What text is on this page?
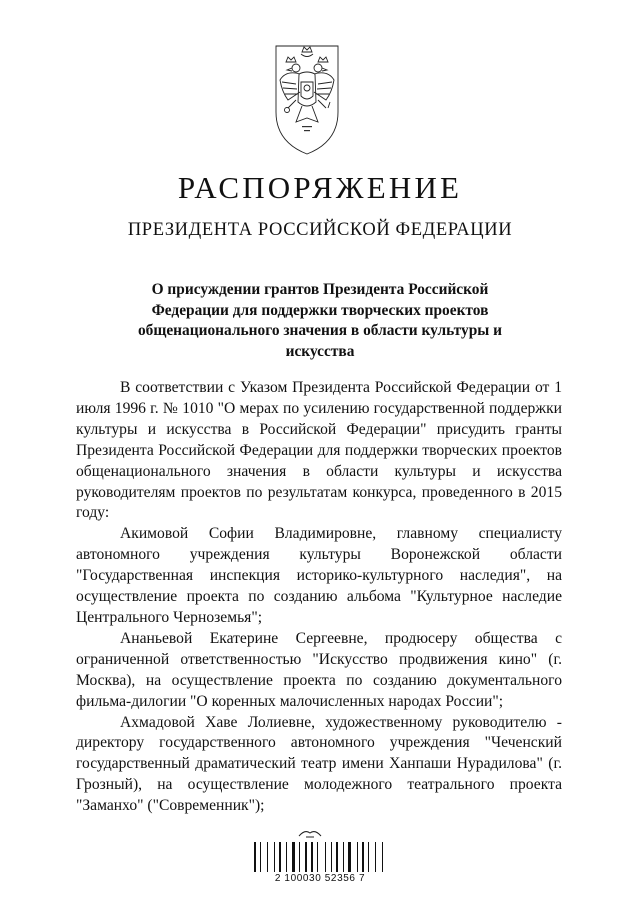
РАСПОРЯЖЕНИЕ
ПРЕЗИДЕНТА РОССИЙСКОЙ ФЕДЕРАЦИИ
О присуждении грантов Президента Российской Федерации для поддержки творческих проектов общенационального значения в области культуры и искусства

В соответствии с Указом Президента Российской Федерации от 1 июля 1996 г. № 1010 "О мерах по усилению государственной поддержки культуры и искусства в Российской Федерации" присудить гранты Президента Российской Федерации для поддержки творческих проектов общенационального значения в области культуры и искусства руководителям проектов по результатам конкурса, проведенного в 2015 году:

Акимовой Софии Владимировне, главному специалисту автономного учреждения культуры Воронежской области "Государственная инспекция историко-культурного наследия", на осуществление проекта по созданию альбома "Культурное наследие Центрального Черноземья";

Ананьевой Екатерине Сергеевне, продюсеру общества с ограниченной ответственностью "Искусство продвижения кино" (г. Москва), на осуществление проекта по созданию документального фильма-дилогии "О коренных малочисленных народах России";

Ахмадовой Хаве Лолиевне, художественному руководителю - директору государственного автономного учреждения "Чеченский государственный драматический театр имени Ханпаши Нурадилова" (г. Грозный), на осуществление молодежного театрального проекта "Заманхо" ("Современник");

2 100030 52356 7
